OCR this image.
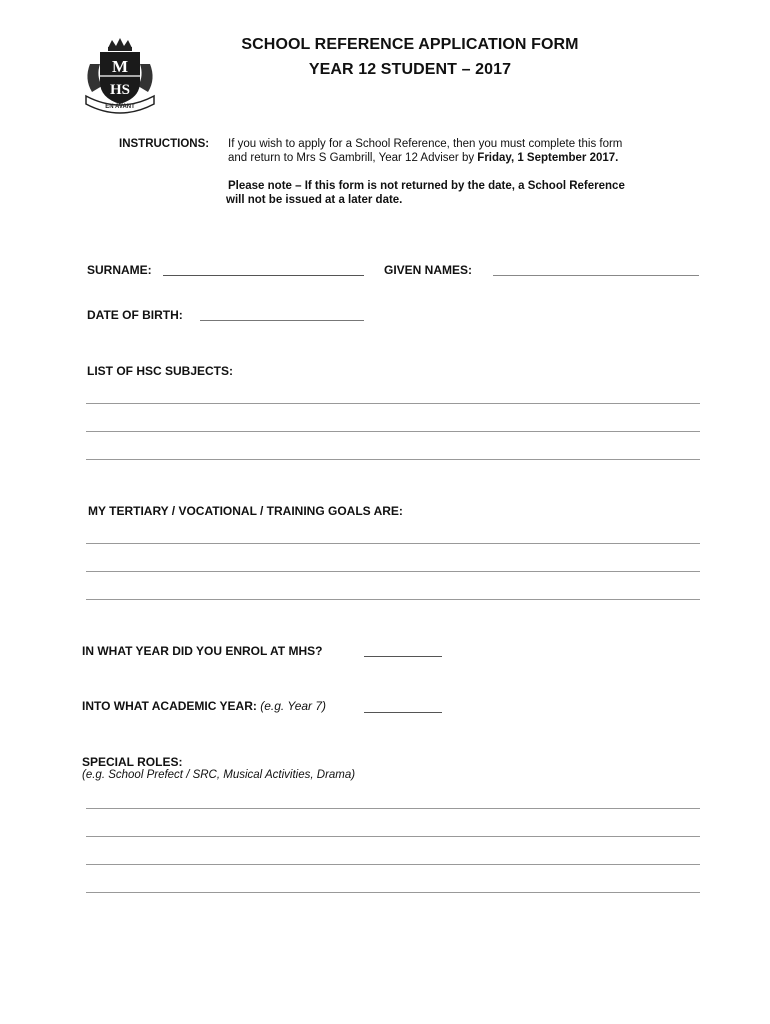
M
HS
EN AVANT
SCHOOL REFERENCE APPLICATION FORM
YEAR 12 STUDENT – 2017
INSTRUCTIONS: If you wish to apply for a School Reference, then you must complete this form
and return to Mrs S Gambrill, Year 12 Adviser by Friday, 1 September 2017.
Please note – If this form is not returned by the date, a School Reference
will not be issued at a later date.
SURNAME:	GIVEN NAMES:
DATE OF BIRTH:
LIST OF HSC SUBJECTS:
MY TERTIARY / VOCATIONAL / TRAINING GOALS ARE:
IN WHAT YEAR DID YOU ENROL AT MHS?
INTO WHAT ACADEMIC YEAR: (e.g. Year 7)
SPECIAL ROLES:
(e.g. School Prefect / SRC, Musical Activities, Drama)
